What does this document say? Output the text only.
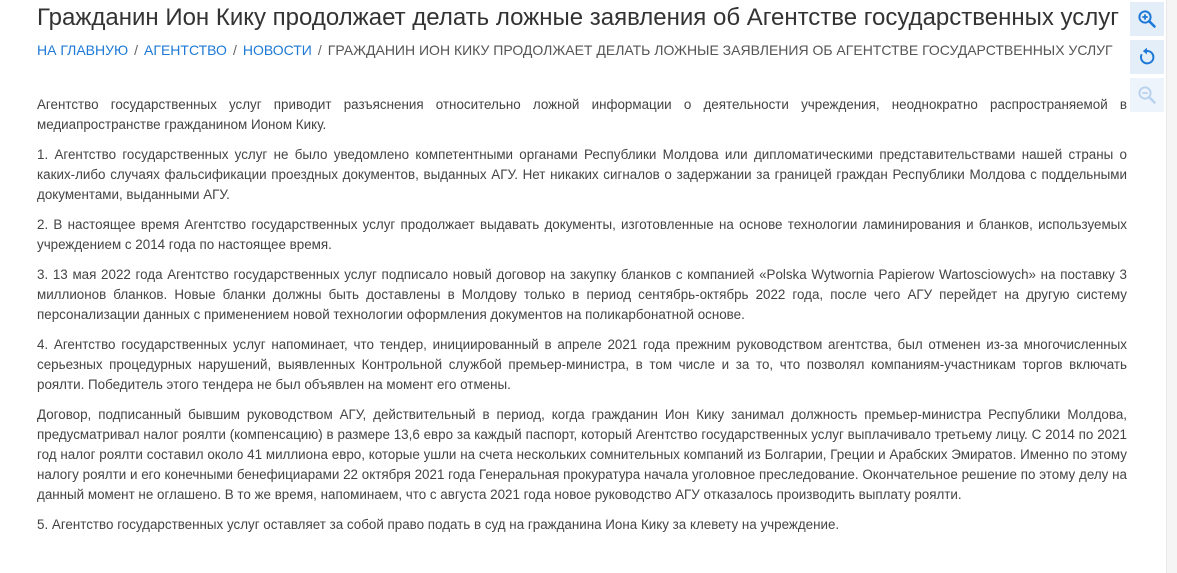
Гражданин Ион Кику продолжает делать ложные заявления об Агентстве государственных услуг
НА ГЛАВНУЮ / АГЕНТСТВО / НОВОСТИ / ГРАЖДАНИН ИОН КИКУ ПРОДОЛЖАЕТ ДЕЛАТЬ ЛОЖНЫЕ ЗАЯВЛЕНИЯ ОБ АГЕНТСТВЕ ГОСУДАРСТВЕННЫХ УСЛУГ

Агентство государственных услуг приводит разъяснения относительно ложной информации о деятельности учреждения, неоднократно распространяемой в медиапространстве гражданином Ионом Кику.

1. Агентство государственных услуг не было уведомлено компетентными органами Республики Молдова или дипломатическими представительствами нашей страны о каких-либо случаях фальсификации проездных документов, выданных АГУ. Нет никаких сигналов о задержании за границей граждан Республики Молдова с поддельными документами, выданными АГУ.

2. В настоящее время Агентство государственных услуг продолжает выдавать документы, изготовленные на основе технологии ламинирования и бланков, используемых учреждением с 2014 года по настоящее время.

3. 13 мая 2022 года Агентство государственных услуг подписало новый договор на закупку бланков с компанией «Polska Wytwornia Papierow Wartosciowych» на поставку 3 миллионов бланков. Новые бланки должны быть доставлены в Молдову только в период сентябрь-октябрь 2022 года, после чего АГУ перейдет на другую систему персонализации данных с применением новой технологии оформления документов на поликарбонатной основе.

4. Агентство государственных услуг напоминает, что тендер, инициированный в апреле 2021 года прежним руководством агентства, был отменен из-за многочисленных серьезных процедурных нарушений, выявленных Контрольной службой премьер-министра, в том числе и за то, что позволял компаниям-участникам торгов включать роялти. Победитель этого тендера не был объявлен на момент его отмены.

Договор, подписанный бывшим руководством АГУ, действительный в период, когда гражданин Ион Кику занимал должность премьер-министра Республики Молдова, предусматривал налог роялти (компенсацию) в размере 13,6 евро за каждый паспорт, который Агентство государственных услуг выплачивало третьему лицу. С 2014 по 2021 год налог роялти составил около 41 миллиона евро, которые ушли на счета нескольких сомнительных компаний из Болгарии, Греции и Арабских Эмиратов. Именно по этому налогу роялти и его конечными бенефициарами 22 октября 2021 года Генеральная прокуратура начала уголовное преследование. Окончательное решение по этому делу на данный момент не оглашено. В то же время, напоминаем, что с августа 2021 года новое руководство АГУ отказалось производить выплату роялти.

5. Агентство государственных услуг оставляет за собой право подать в суд на гражданина Иона Кику за клевету на учреждение.
